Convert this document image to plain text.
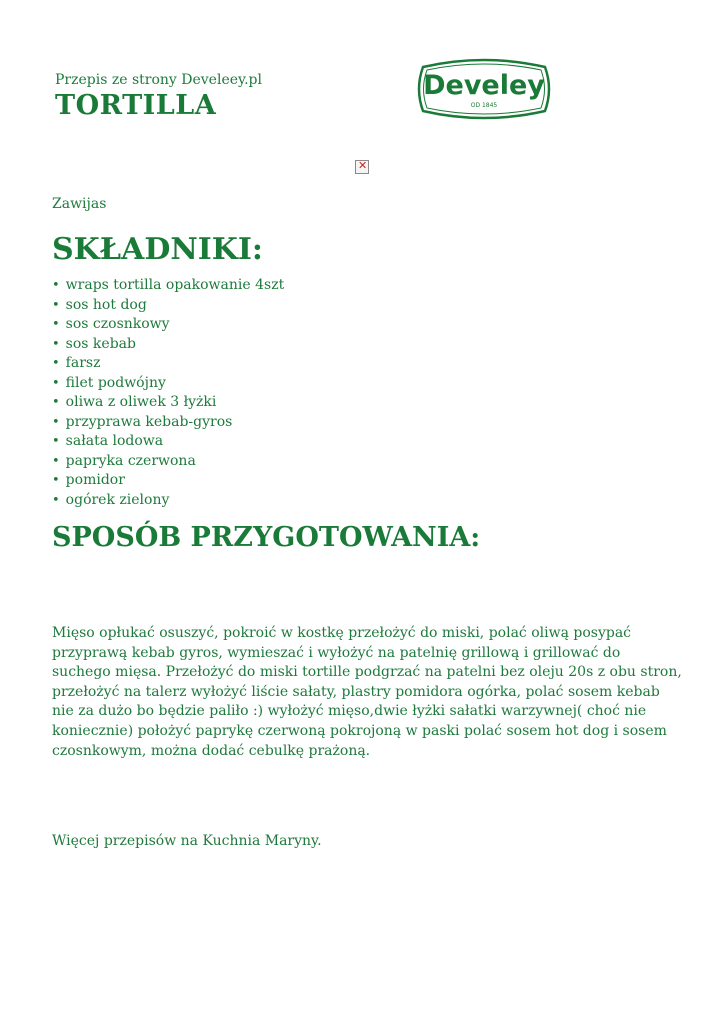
Przepis ze strony Develeey.pl
TORTILLA
Develey
OD 1845
✕
Zawijas
SKŁADNIKI:
• wraps tortilla opakowanie 4szt
• sos hot dog
• sos czosnkowy
• sos kebab
• farsz
• filet podwójny
• oliwa z oliwek 3 łyżki
• przyprawa kebab-gyros
• sałata lodowa
• papryka czerwona
• pomidor
• ogórek zielony
SPOSÓB PRZYGOTOWANIA:

Mięso opłukać osuszyć, pokroić w kostkę przełożyć do miski, polać oliwą posypać przyprawą kebab gyros, wymieszać i wyłożyć na patelnię grillową i grillować do suchego mięsa. Przełożyć do miski tortille podgrzać na patelni bez oleju 20s z obu stron, przełożyć na talerz wyłożyć liście sałaty, plastry pomidora ogórka, polać sosem kebab nie za dużo bo będzie paliło :) wyłożyć mięso,dwie łyżki sałatki warzywnej( choć nie koniecznie) położyć paprykę czerwoną pokrojoną w paski polać sosem hot dog i sosem czosnkowym, można dodać cebulkę prażoną.

Więcej przepisów na Kuchnia Maryny.
